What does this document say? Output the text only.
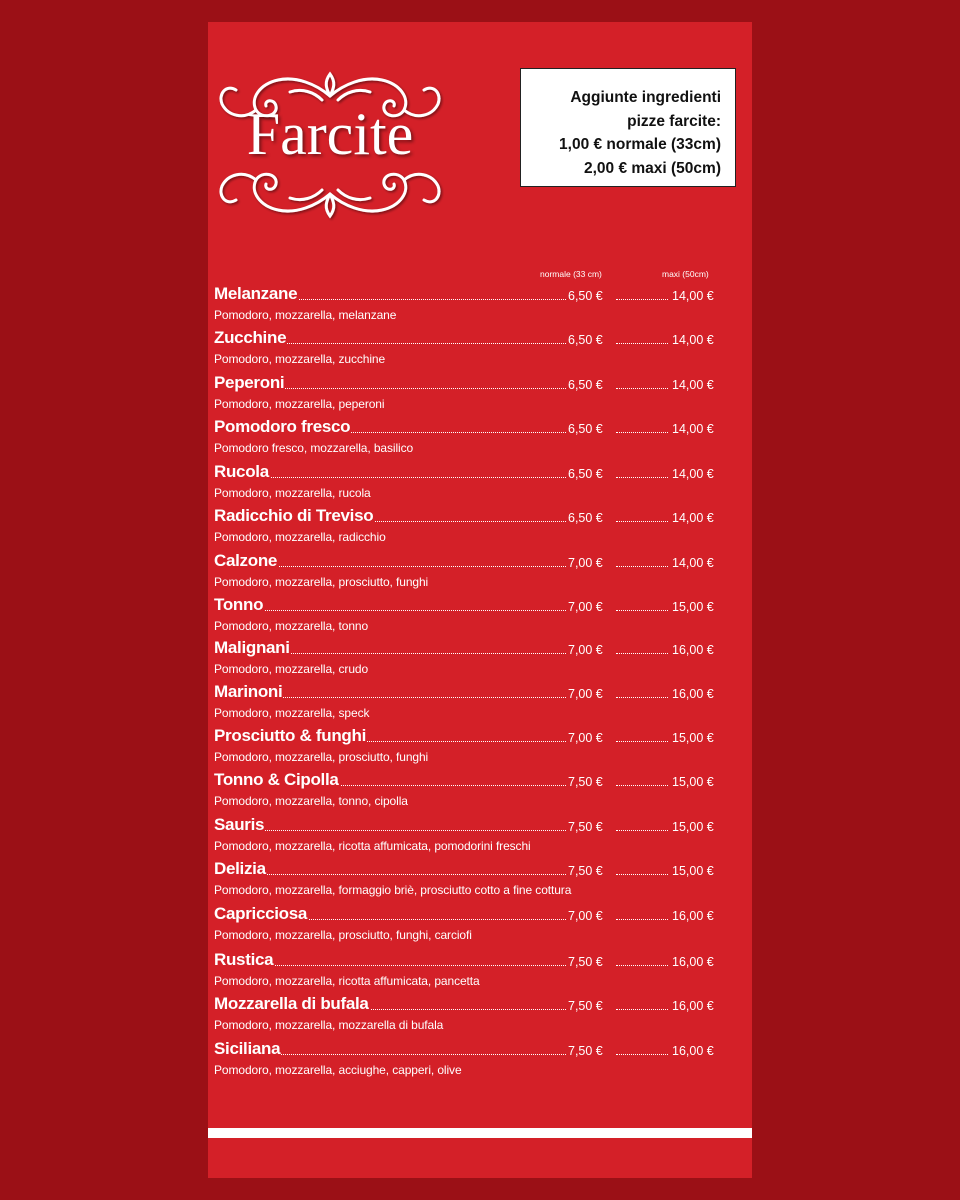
Farcite
Aggiunte ingredienti
pizze farcite:
1,00 € normale (33cm)
2,00 € maxi (50cm)
normale (33 cm)	maxi (50cm)
Melanzane	6,50 €	14,00 €
Pomodoro, mozzarella, melanzane
Zucchine	6,50 €	14,00 €
Pomodoro, mozzarella, zucchine
Peperoni	6,50 €	14,00 €
Pomodoro, mozzarella, peperoni
Pomodoro fresco	6,50 €	14,00 €
Pomodoro fresco, mozzarella, basilico
Rucola	6,50 €	14,00 €
Pomodoro, mozzarella, rucola
Radicchio di Treviso	6,50 €	14,00 €
Pomodoro, mozzarella, radicchio
Calzone	7,00 €	14,00 €
Pomodoro, mozzarella, prosciutto, funghi
Tonno	7,00 €	15,00 €
Pomodoro, mozzarella, tonno
Malignani	7,00 €	16,00 €
Pomodoro, mozzarella, crudo
Marinoni	7,00 €	16,00 €
Pomodoro, mozzarella, speck
Prosciutto & funghi	7,00 €	15,00 €
Pomodoro, mozzarella, prosciutto, funghi
Tonno & Cipolla	7,50 €	15,00 €
Pomodoro, mozzarella, tonno, cipolla
Sauris	7,50 €	15,00 €
Pomodoro, mozzarella, ricotta affumicata, pomodorini freschi
Delizia	7,50 €	15,00 €
Pomodoro, mozzarella, formaggio briè, prosciutto cotto a fine cottura
Capricciosa	7,00 €	16,00 €
Pomodoro, mozzarella, prosciutto, funghi, carciofi
Rustica	7,50 €	16,00 €
Pomodoro, mozzarella, ricotta affumicata, pancetta
Mozzarella di bufala	7,50 €	16,00 €
Pomodoro, mozzarella, mozzarella di bufala
Siciliana	7,50 €	16,00 €
Pomodoro, mozzarella, acciughe, capperi, olive
